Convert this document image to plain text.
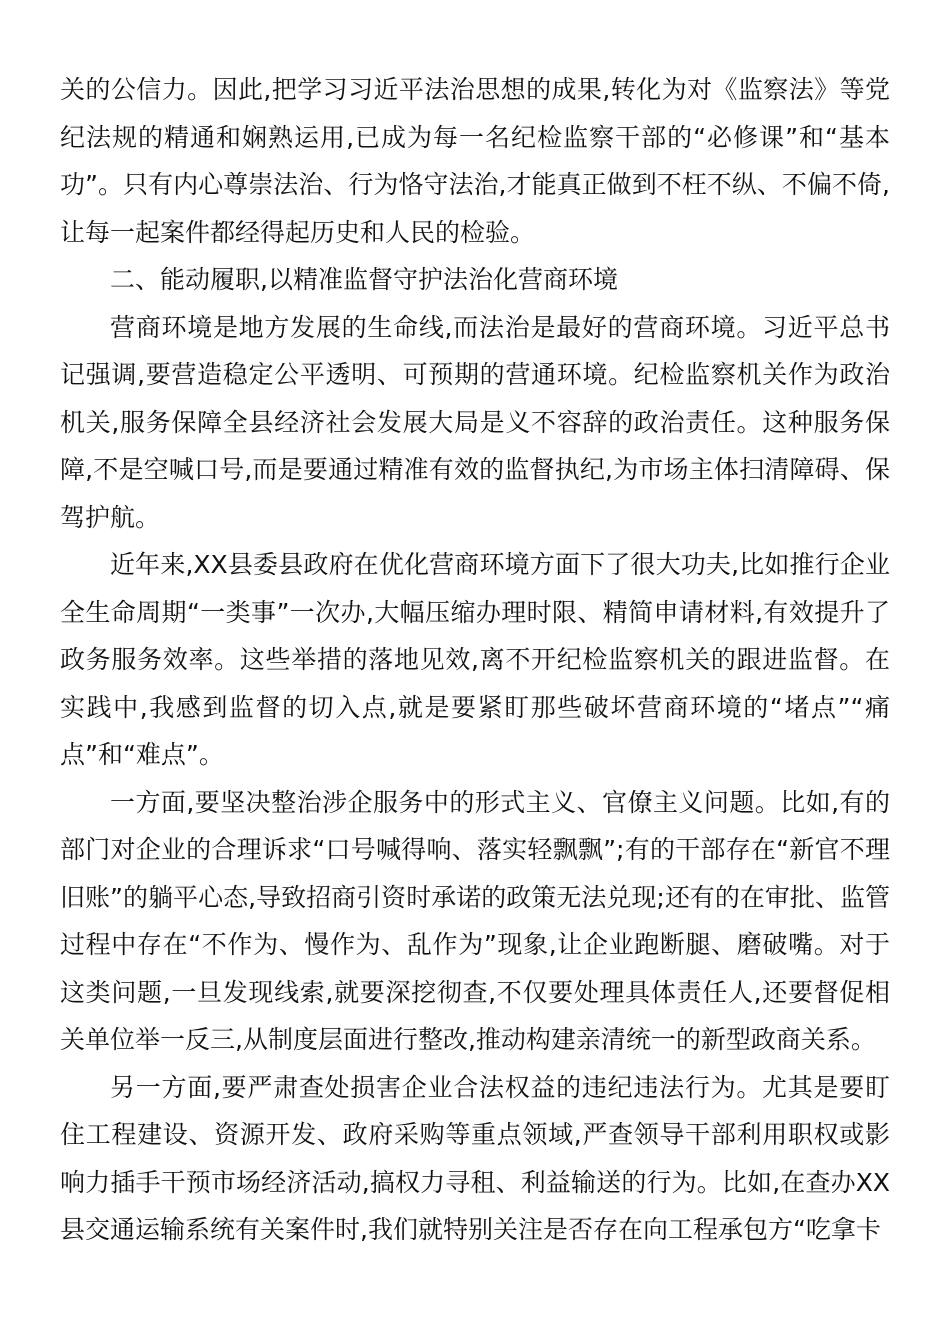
关的公信力。因此,把学习习近平法治思想的成果,转化为对《监察法》等党纪法规的精通和娴熟运用,已成为每一名纪检监察干部的“必修课”和“基本功”。只有内心尊崇法治、行为恪守法治,才能真正做到不枉不纵、不偏不倚,让每一起案件都经得起历史和人民的检验。

二、能动履职,以精准监督守护法治化营商环境

营商环境是地方发展的生命线,而法治是最好的营商环境。习近平总书记强调,要营造稳定公平透明、可预期的营通环境。纪检监察机关作为政治机关,服务保障全县经济社会发展大局是义不容辞的政治责任。这种服务保障,不是空喊口号,而是要通过精准有效的监督执纪,为市场主体扫清障碍、保驾护航。

近年来,XX县委县政府在优化营商环境方面下了很大功夫,比如推行企业全生命周期“一类事”一次办,大幅压缩办理时限、精简申请材料,有效提升了政务服务效率。这些举措的落地见效,离不开纪检监察机关的跟进监督。在实践中,我感到监督的切入点,就是要紧盯那些破坏营商环境的“堵点”“痛点”和“难点”。

一方面,要坚决整治涉企服务中的形式主义、官僚主义问题。比如,有的部门对企业的合理诉求“口号喊得响、落实轻飘飘”;有的干部存在“新官不理旧账”的躺平心态,导致招商引资时承诺的政策无法兑现;还有的在审批、监管过程中存在“不作为、慢作为、乱作为”现象,让企业跑断腿、磨破嘴。对于这类问题,一旦发现线索,就要深挖彻查,不仅要处理具体责任人,还要督促相关单位举一反三,从制度层面进行整改,推动构建亲清统一的新型政商关系。

另一方面,要严肃查处损害企业合法权益的违纪违法行为。尤其是要盯住工程建设、资源开发、政府采购等重点领域,严查领导干部利用职权或影响力插手干预市场经济活动,搞权力寻租、利益输送的行为。比如,在查办XX县交通运输系统有关案件时,我们就特别关注是否存在向工程承包方“吃拿卡
